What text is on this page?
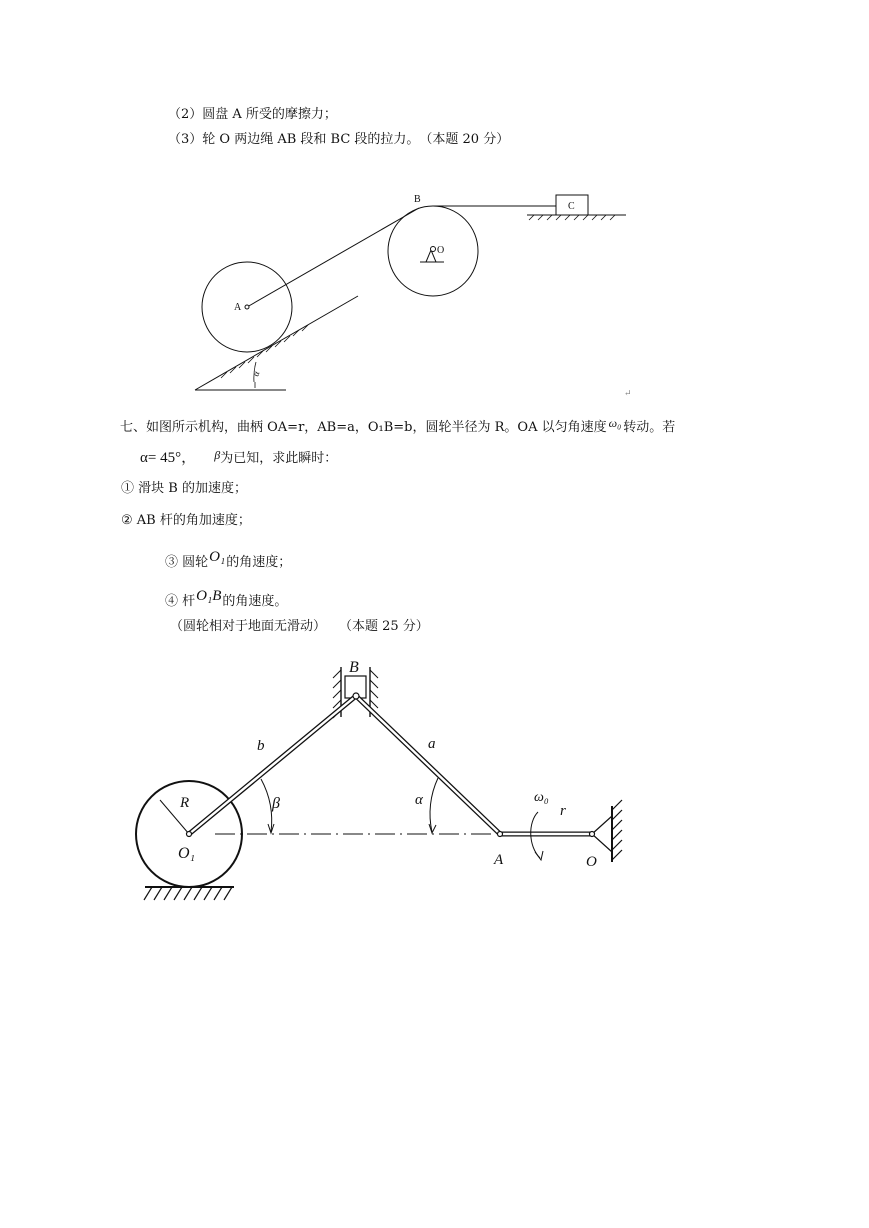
（2）圆盘 A 所受的摩擦力；
（3）轮 O 两边绳 AB 段和 BC 段的拉力。　（本题 20 分）
B
C
O
A
α
↵
七、如图所示机构，曲柄 OA=r，AB=a，O₁B=b，圆轮半径为 R。OA 以匀角速度 ω₀ 转动。若
α= 45°， β为已知，求此瞬时：
① 滑块 B 的加速度；
② AB 杆的角加速度；
③ 圆轮O₁的角速度；
④ 杆O₁B的角速度。
（圆轮相对于地面无滑动）　　（本题 25 分）
B
b	a
R	β	α
O₁	A
ω₀
r
O
